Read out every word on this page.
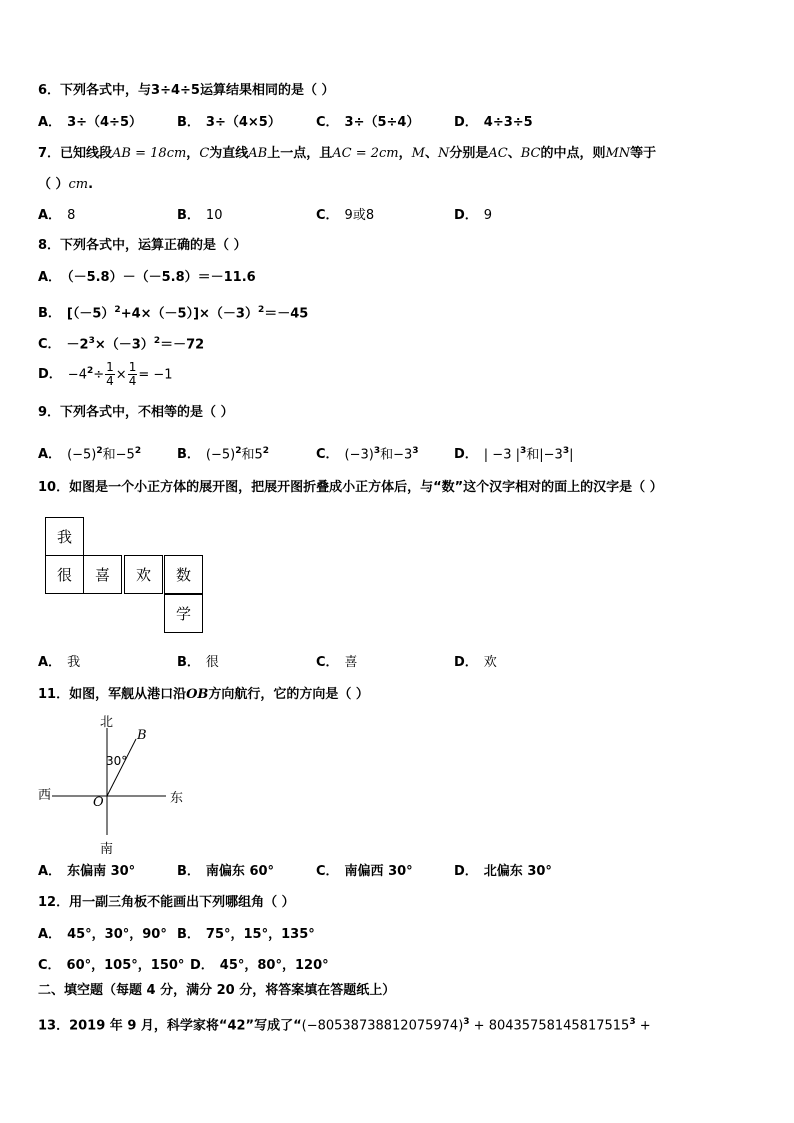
6．下列各式中，与3÷4÷5运算结果相同的是（ ）
A． 3÷（4÷5）	B． 3÷（4×5）	C． 3÷（5÷4）	D． 4÷3÷5
7．已知线段AB = 18cm，C为直线AB上一点，且AC = 2cm，M、N分别是AC、BC的中点，则MN等于
（ ）cm.
A． 8	B． 10	C． 9或8	D． 9
8．下列各式中，运算正确的是（ ）
A． （－5.8）－（－5.8）＝－11.6
B． $[(-5)^2+4\times(-5)]\times(-3)^2=-45$
C． $-2^3\times(-3)^2=-72$
D． $-4^2\div \frac{1}{4} \times \frac{1}{4} = -1$
9．下列各式中，不相等的是（ ）
A． $(-5)^2$和$-5^2$	B． $(-5)^2$和$5^2$	C． $(-3)^3$和$-3^3$	D． | −3 $|^3$和$|-3^3|$
10．如图是一个小正方体的展开图，把展开图折叠成小正方体后，与“数”这个汉字相对的面上的汉字是（ ）
我
很	喜	欢	数
学
A． 我	B． 很	C． 喜	D． 欢
11．如图，军舰从港口沿OB方向航行，它的方向是（ ）
北
南
西	东
30°
O
B
A． 东偏南 30°	B． 南偏东 60°	C． 南偏西 30°	D． 北偏东 30°
12．用一副三角板不能画出下列哪组角（ ）
A． 45°，30°，90° B． 75°，15°，135°
C． 60°，105°，150° D． 45°，80°，120°
二、填空题（每题 4 分，满分 20 分，将答案填在答题纸上）
13．2019 年 9 月，科学家将“42”写成了“$(-80538738812075974)^3 + 80435758145817515^3$ +
